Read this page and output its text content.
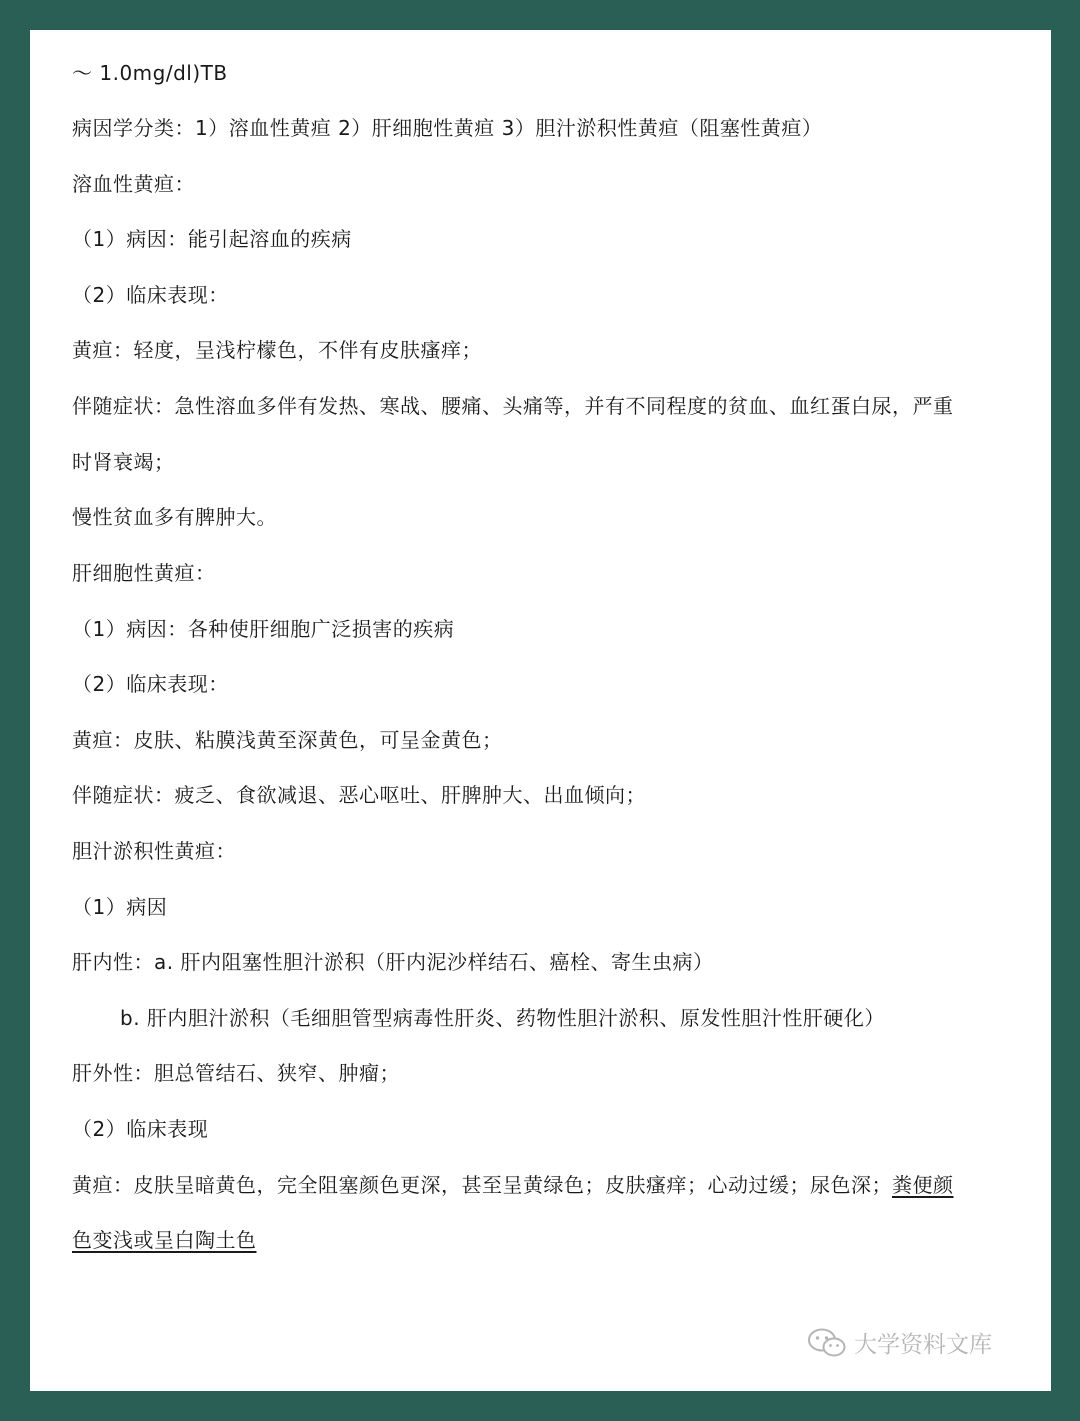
～ 1.0mg/dl)TB
病因学分类：1）溶血性黄疸 2）肝细胞性黄疸 3）胆汁淤积性黄疸（阻塞性黄疸）
溶血性黄疸：
（1）病因：能引起溶血的疾病
（2）临床表现：
黄疸：轻度，呈浅柠檬色，不伴有皮肤瘙痒；
伴随症状：急性溶血多伴有发热、寒战、腰痛、头痛等，并有不同程度的贫血、血红蛋白尿，严重
时肾衰竭；
慢性贫血多有脾肿大。
肝细胞性黄疸：
（1）病因：各种使肝细胞广泛损害的疾病
（2）临床表现：
黄疸：皮肤、粘膜浅黄至深黄色，可呈金黄色；
伴随症状：疲乏、食欲减退、恶心呕吐、肝脾肿大、出血倾向；
胆汁淤积性黄疸：
（1）病因
肝内性：a. 肝内阻塞性胆汁淤积（肝内泥沙样结石、癌栓、寄生虫病）
b. 肝内胆汁淤积（毛细胆管型病毒性肝炎、药物性胆汁淤积、原发性胆汁性肝硬化）
肝外性：胆总管结石、狭窄、肿瘤；
（2）临床表现
黄疸：皮肤呈暗黄色，完全阻塞颜色更深，甚至呈黄绿色；皮肤瘙痒；心动过缓；尿色深；粪便颜
色变浅或呈白陶土色
大学资料文库
